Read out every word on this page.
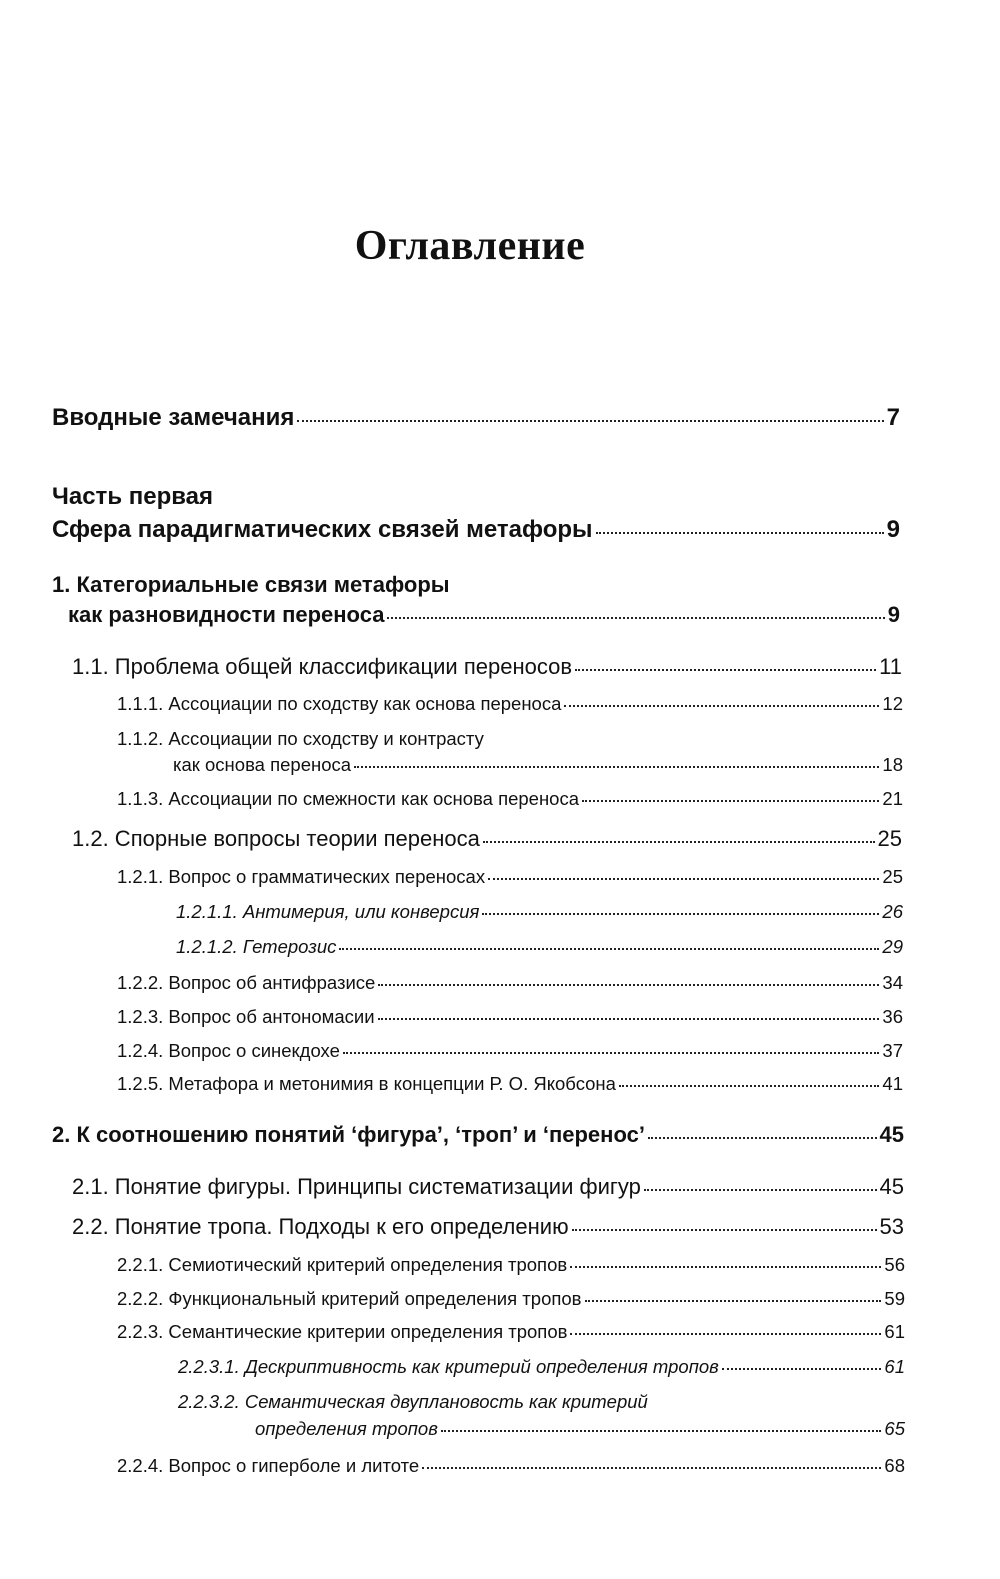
Оглавление
Вводные замечания	7
Часть первая
Сфера парадигматических связей метафоры	9
1. Категориальные связи метафоры
как разновидности переноса	9
1.1. Проблема общей классификации переносов	11
1.1.1. Ассоциации по сходству как основа переноса	12
1.1.2. Ассоциации по сходству и контрасту
как основа переноса	18
1.1.3. Ассоциации по смежности как основа переноса	21
1.2. Спорные вопросы теории переноса	25
1.2.1. Вопрос о грамматических переносах	25
1.2.1.1. Антимерия, или конверсия	26
1.2.1.2. Гетерозис	29
1.2.2. Вопрос об антифразисе	34
1.2.3. Вопрос об антономасии	36
1.2.4. Вопрос о синекдохе	37
1.2.5. Метафора и метонимия в концепции Р. О. Якобсона	41
2. К соотношению понятий ‘фигура’, ‘троп’ и ‘перенос’	45
2.1. Понятие фигуры. Принципы систематизации фигур	45
2.2. Понятие тропа. Подходы к его определению	53
2.2.1. Семиотический критерий определения тропов	56
2.2.2. Функциональный критерий определения тропов	59
2.2.3. Семантические критерии определения тропов	61
2.2.3.1. Дескриптивность как критерий определения тропов	61
2.2.3.2. Семантическая двуплановость как критерий
определения тропов	65
2.2.4. Вопрос о гиперболе и литоте	68
